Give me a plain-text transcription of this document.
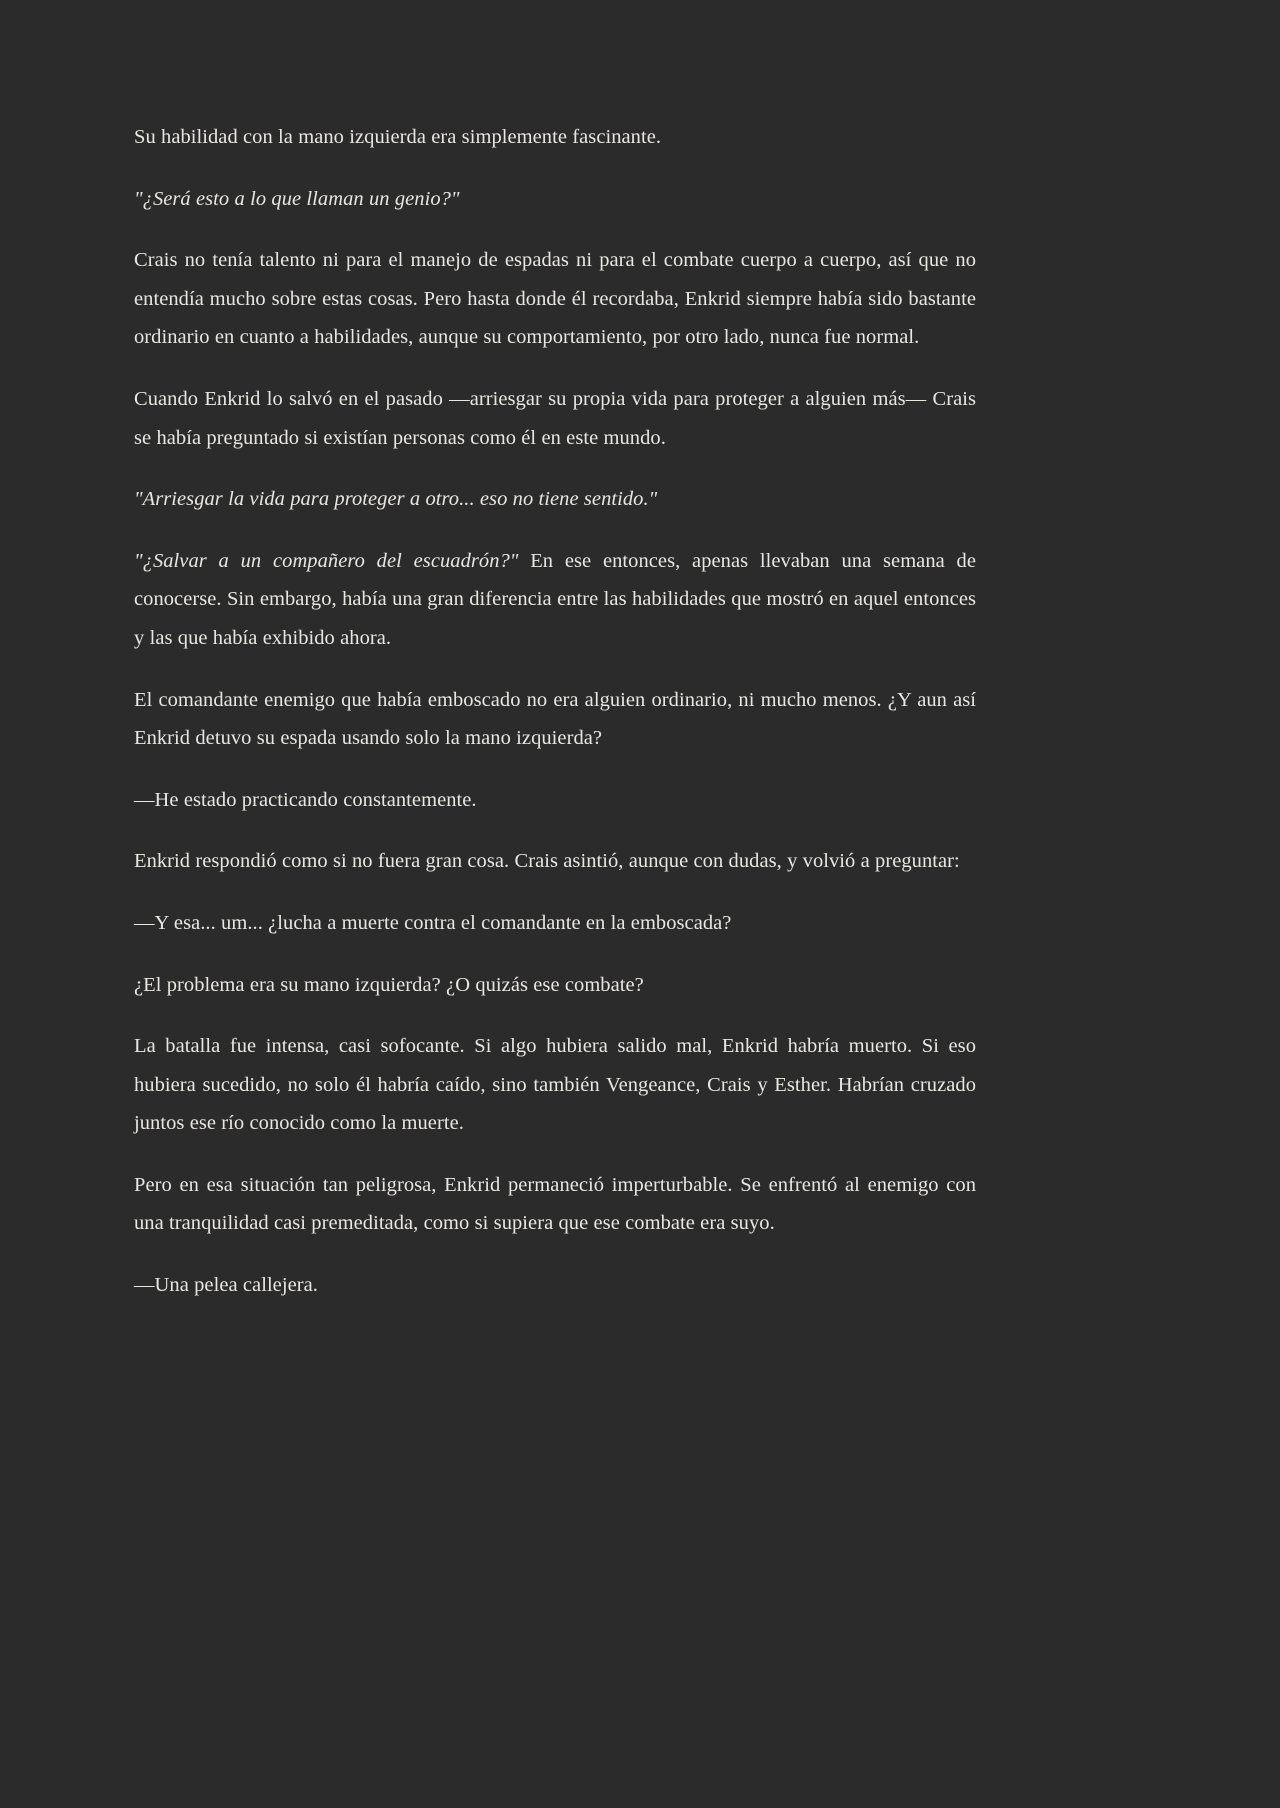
Su habilidad con la mano izquierda era simplemente fascinante.

"¿Será esto a lo que llaman un genio?"

Crais no tenía talento ni para el manejo de espadas ni para el combate cuerpo a cuerpo, así que no entendía mucho sobre estas cosas. Pero hasta donde él recordaba, Enkrid siempre había sido bastante ordinario en cuanto a habilidades, aunque su comportamiento, por otro lado, nunca fue normal.

Cuando Enkrid lo salvó en el pasado —arriesgar su propia vida para proteger a alguien más— Crais se había preguntado si existían personas como él en este mundo.

"Arriesgar la vida para proteger a otro... eso no tiene sentido."

"¿Salvar a un compañero del escuadrón?" En ese entonces, apenas llevaban una semana de conocerse. Sin embargo, había una gran diferencia entre las habilidades que mostró en aquel entonces y las que había exhibido ahora.

El comandante enemigo que había emboscado no era alguien ordinario, ni mucho menos. ¿Y aun así Enkrid detuvo su espada usando solo la mano izquierda?

—He estado practicando constantemente.

Enkrid respondió como si no fuera gran cosa. Crais asintió, aunque con dudas, y volvió a preguntar:

—Y esa... um... ¿lucha a muerte contra el comandante en la emboscada?

¿El problema era su mano izquierda? ¿O quizás ese combate?

La batalla fue intensa, casi sofocante. Si algo hubiera salido mal, Enkrid habría muerto. Si eso hubiera sucedido, no solo él habría caído, sino también Vengeance, Crais y Esther. Habrían cruzado juntos ese río conocido como la muerte.

Pero en esa situación tan peligrosa, Enkrid permaneció imperturbable. Se enfrentó al enemigo con una tranquilidad casi premeditada, como si supiera que ese combate era suyo.

—Una pelea callejera.
